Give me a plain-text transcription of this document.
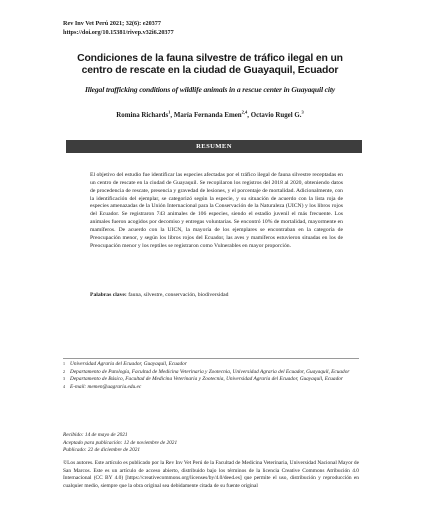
Rev Inv Vet Perú 2021; 32(6): e20377
https://doi.org/10.15381/rivep.v32i6.20377
Condiciones de la fauna silvestre de tráfico ilegal en un centro de rescate en la ciudad de Guayaquil, Ecuador
Illegal trafficking conditions of wildlife animals in a rescue center in Guayaquil city
Romina Richards$^1$, María Fernanda Emen$^{2,4}$, Octavio Rugel G.$^3$
RESUMEN
El objetivo del estudio fue identificar las especies afectadas por el tráfico ilegal de fauna silvestre receptadas en un centro de rescate en la ciudad de Guayaquil. Se recopilaron los registros del 2018 al 2020, obteniendo datos de procedencia de rescate, presencia y gravedad de lesiones, y el porcentaje de mortalidad. Adicionalmente, con la identificación del ejemplar, se categorizó según la especie, y su situación de acuerdo con la lista roja de especies amenazadas de la Unión Internacional para la Conservación de la Naturaleza (UICN) y los libros rojos del Ecuador. Se registraron 743 animales de 106 especies, siendo el estadío juvenil el más frecuente. Los animales fueron acogidos por decomiso y entregas voluntarias. Se encontró 10% de mortalidad, mayormente en mamíferos. De acuerdo con la UICN, la mayoría de los ejemplares se encontraban en la categoría de Preocupación menor, y según los libros rojos del Ecuador, las aves y mamíferos estuvieron situadas en los de Preocupación menor y los reptiles se registraron como Vulnerables en mayor proporción.
Palabras clave: fauna, silvestre, conservación, biodiversidad
1 Universidad Agraria del Ecuador, Guayaquil, Ecuador
2 Departamento de Patología, Facultad de Medicina Veterinaria y Zootecnia, Universidad Agraria del Ecuador, Guayaquil, Ecuador
3 Departamento de Básico, Facultad de Medicina Veterinaria y Zootecnia, Universidad Agraria del Ecuador, Guayaquil, Ecuador
4 E-mail: memen@uagraria.edu.ec
Recibido: 14 de mayo de 2021
Aceptado para publicación: 12 de noviembre de 2021
Publicado: 22 de diciembre de 2021
©Los autores. Este artículo es publicado por la Rev Inv Vet Perú de la Facultad de Medicina Veterinaria, Universidad Nacional Mayor de San Marcos. Este es un artículo de acceso abierto, distribuido bajo los términos de la licencia Creative Commons Atribución 4.0 Internacional (CC BY 4.0) [https://creativecommons.org/licenses/by/4.0/deed.es] que permite el uso, distribución y reproducción en cualquier medio, siempre que la obra original sea debidamente citada de su fuente original
